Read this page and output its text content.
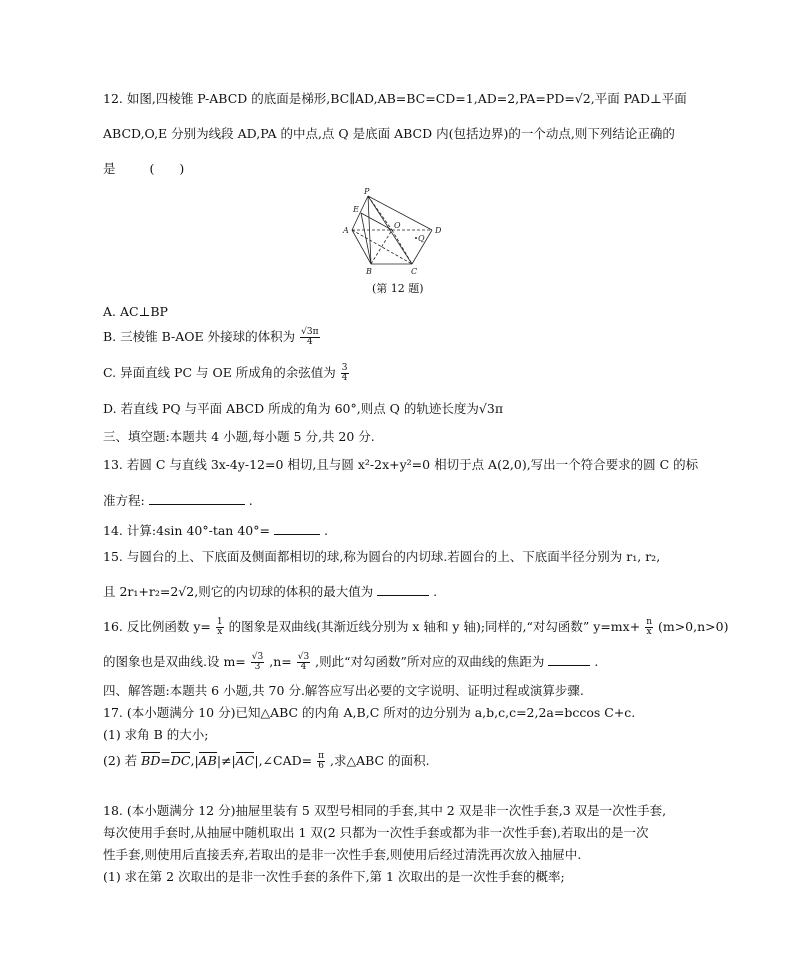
12. 如图,四棱锥 P-ABCD 的底面是梯形,BC∥AD,AB=BC=CD=1,AD=2,PA=PD=√2,平面 PAD⊥平面
ABCD,O,E 分别为线段 AD,PA 的中点,点 Q 是底面 ABCD 内(包括边界)的一个动点,则下列结论正确的
是	(　　)
P
E
A
O
D
Q
B	C
(第 12 题)
A. AC⊥BP
B. 三棱锥 B-AOE 外接球的体积为 $\frac{√3\pi}{4}$
C. 异面直线 PC 与 OE 所成角的余弦值为 $\frac{3}{4}$
D. 若直线 PQ 与平面 ABCD 所成的角为 60°,则点 Q 的轨迹长度为√3π
三、填空题:本题共 4 小题,每小题 5 分,共 20 分.
13. 若圆 C 与直线 3x-4y-12=0 相切,且与圆 x²-2x+y²=0 相切于点 A(2,0),写出一个符合要求的圆 C 的标
准方程:	.
14. 计算:4sin 40°-tan 40°=	.
15. 与圆台的上、下底面及侧面都相切的球,称为圆台的内切球.若圆台的上、下底面半径分别为 r₁, r₂,
且 2r₁+r₂=2√2,则它的内切球的体积的最大值为	.
16. 反比例函数 $y= \frac{1}{x}$ 的图象是双曲线(其渐近线分别为 x 轴和 y 轴);同样的,“对勾函数” $y=mx+ \frac{n}{x} (m>0,n>0)$
的图象也是双曲线.设 $m= \frac{√3}{3} ,n= \frac{√3}{4}$ ,则此“对勾函数”所对应的双曲线的焦距为	.
四、解答题:本题共 6 小题,共 70 分.解答应写出必要的文字说明、证明过程或演算步骤.
17. (本小题满分 10 分)已知△ABC 的内角 A,B,C 所对的边分别为 a,b,c,c=2,2a=bccos C+c.
(1) 求角 B 的大小;
(2) 若 BD=DC,|AB|≠|AC|,∠CAD= $\frac{\pi}{6}$ ,求△ABC 的面积.
18. (本小题满分 12 分)抽屉里装有 5 双型号相同的手套,其中 2 双是非一次性手套,3 双是一次性手套,
每次使用手套时,从抽屉中随机取出 1 双(2 只都为一次性手套或都为非一次性手套),若取出的是一次
性手套,则使用后直接丢弃,若取出的是非一次性手套,则使用后经过清洗再次放入抽屉中.
(1) 求在第 2 次取出的是非一次性手套的条件下,第 1 次取出的是一次性手套的概率;
